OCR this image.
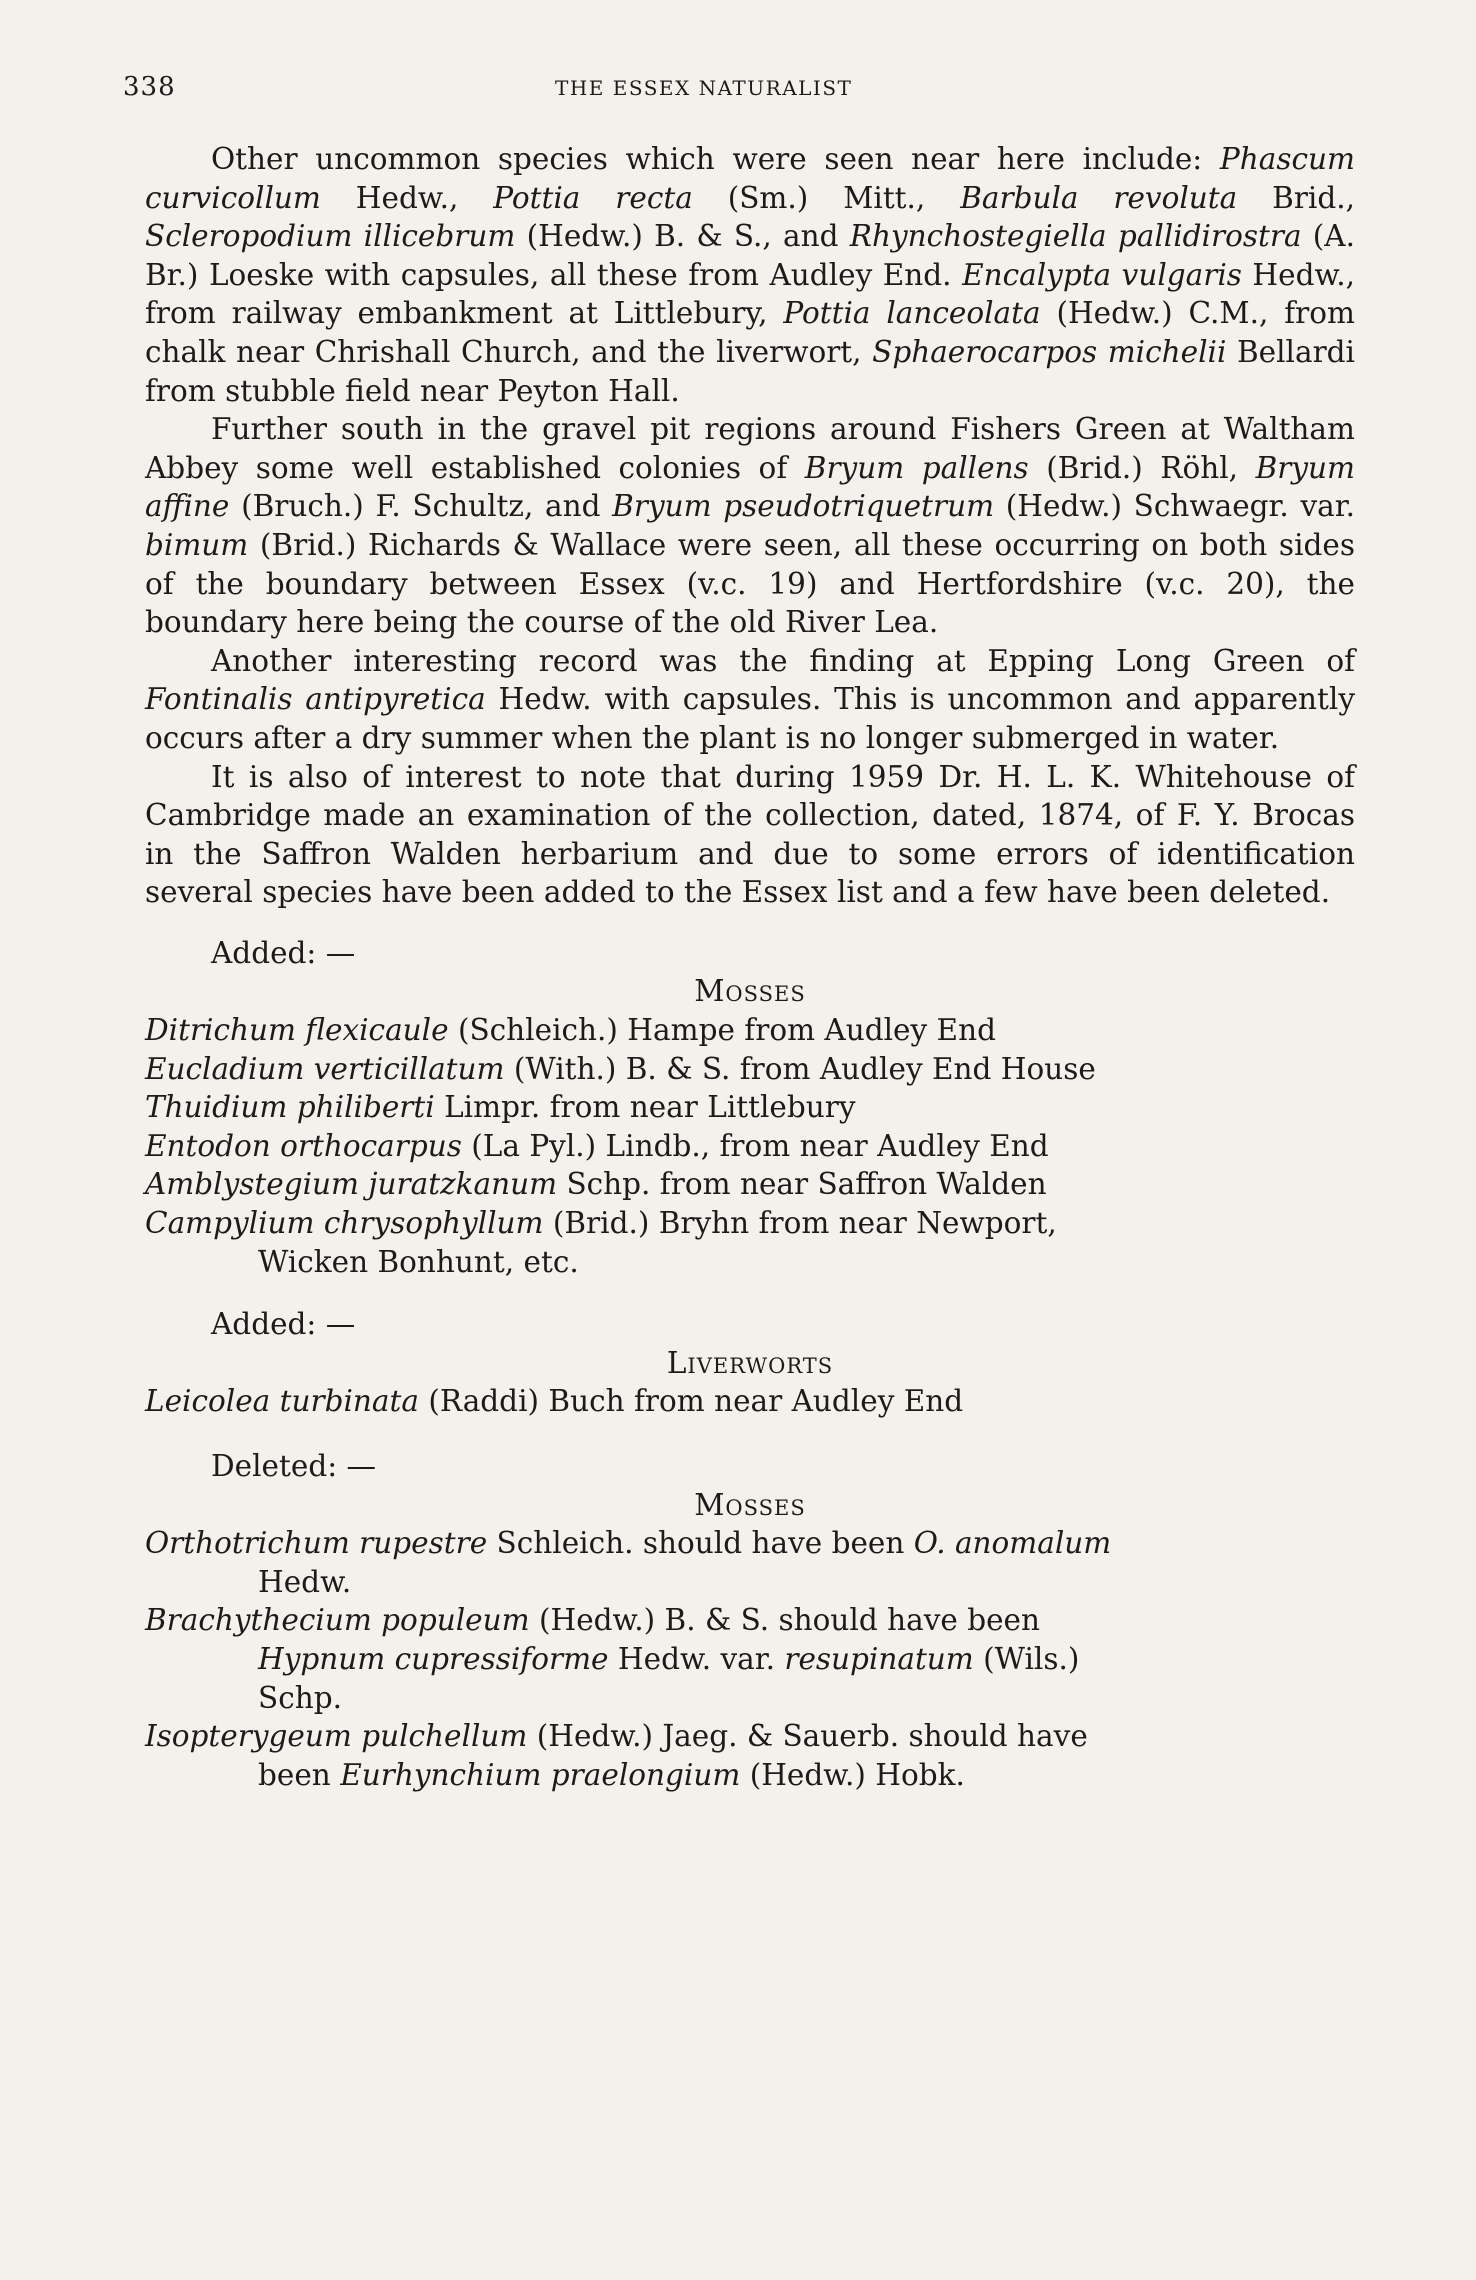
338	THE ESSEX NATURALIST

Other uncommon species which were seen near here include: Phascum curvicollum Hedw., Pottia recta (Sm.) Mitt., Barbula revoluta Brid., Scleropodium illicebrum (Hedw.) B. & S., and Rhynchostegiella pallidirostra (A. Br.) Loeske with capsules, all these from Audley End. Encalypta vulgaris Hedw., from railway embankment at Littlebury, Pottia lanceolata (Hedw.) C.M., from chalk near Chrishall Church, and the liverwort, Sphaerocarpos michelii Bellardi from stubble field near Peyton Hall.

Further south in the gravel pit regions around Fishers Green at Waltham Abbey some well established colonies of Bryum pallens (Brid.) Röhl, Bryum affine (Bruch.) F. Schultz, and Bryum pseudotriquetrum (Hedw.) Schwaegr. var. bimum (Brid.) Richards & Wallace were seen, all these occurring on both sides of the boundary between Essex (v.c. 19) and Hertfordshire (v.c. 20), the boundary here being the course of the old River Lea.

Another interesting record was the finding at Epping Long Green of Fontinalis antipyretica Hedw. with capsules. This is uncommon and apparently occurs after a dry summer when the plant is no longer submerged in water.

It is also of interest to note that during 1959 Dr. H. L. K. Whitehouse of Cambridge made an examination of the collection, dated, 1874, of F. Y. Brocas in the Saffron Walden herbarium and due to some errors of identification several species have been added to the Essex list and a few have been deleted.

Added: —

Mosses

Ditrichum flexicaule (Schleich.) Hampe from Audley End

Eucladium verticillatum (With.) B. & S. from Audley End House

Thuidium philiberti Limpr. from near Littlebury

Entodon orthocarpus (La Pyl.) Lindb., from near Audley End

Amblystegium juratzkanum Schp. from near Saffron Walden

Campylium chrysophyllum (Brid.) Bryhn from near Newport,
Wicken Bonhunt, etc.

Added: —

Liverworts

Leicolea turbinata (Raddi) Buch from near Audley End

Deleted: —

Mosses

Orthotrichum rupestre Schleich. should have been O. anomalum
Hedw.

Brachythecium populeum (Hedw.) B. & S. should have been
Hypnum cupressiforme Hedw. var. resupinatum (Wils.)
Schp.

Isopterygeum pulchellum (Hedw.) Jaeg. & Sauerb. should have
been Eurhynchium praelongium (Hedw.) Hobk.
